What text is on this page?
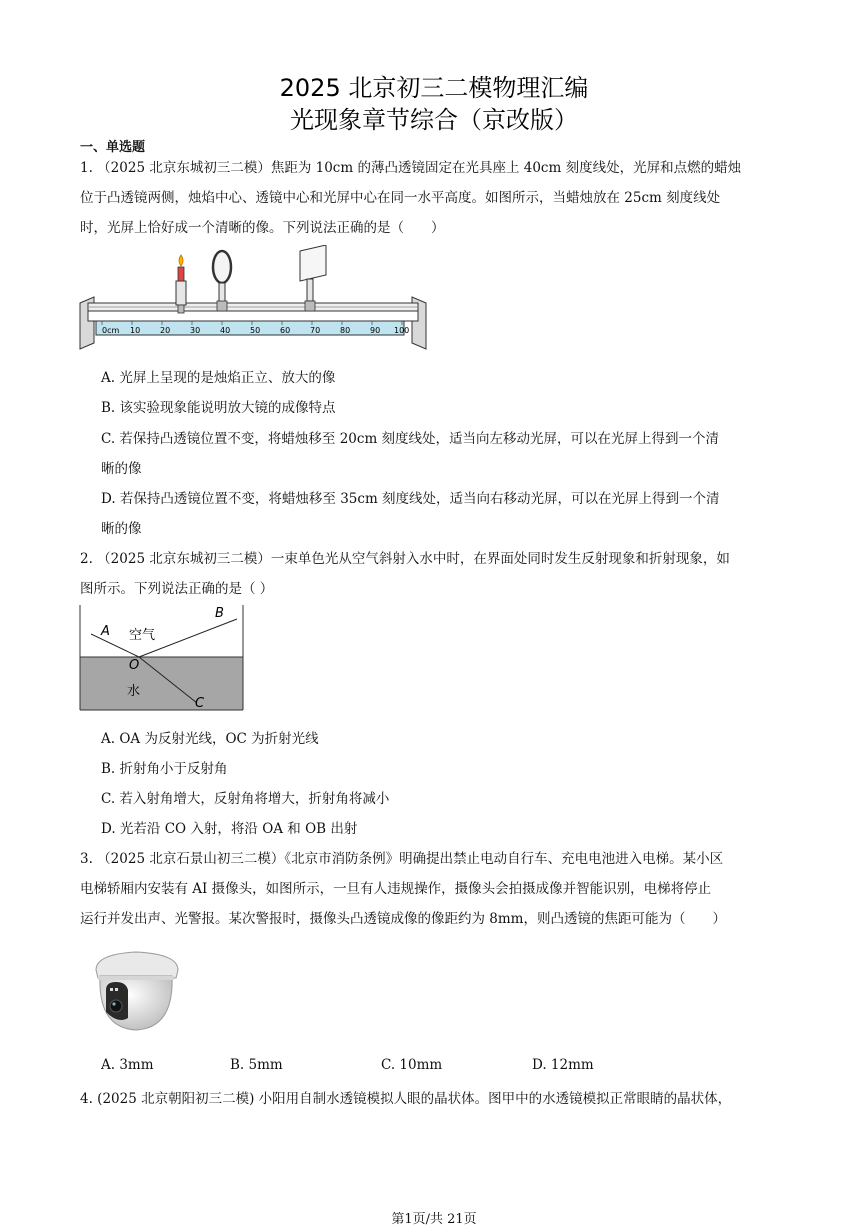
2025 北京初三二模物理汇编
光现象章节综合（京改版）
一、单选题
1. （2025 北京东城初三二模）焦距为 10cm 的薄凸透镜固定在光具座上 40cm 刻度线处，光屏和点燃的蜡烛
位于凸透镜两侧，烛焰中心、透镜中心和光屏中心在同一水平高度。如图所示，当蜡烛放在 25cm 刻度线处
时，光屏上恰好成一个清晰的像。下列说法正确的是（　　）
0cm 10 20 30 40 50 60 70 80 90 100
A. 光屏上呈现的是烛焰正立、放大的像
B. 该实验现象能说明放大镜的成像特点
C. 若保持凸透镜位置不变，将蜡烛移至 20cm 刻度线处，适当向左移动光屏，可以在光屏上得到一个清
晰的像
D. 若保持凸透镜位置不变，将蜡烛移至 35cm 刻度线处，适当向右移动光屏，可以在光屏上得到一个清
晰的像
2. （2025 北京东城初三二模）一束单色光从空气斜射入水中时，在界面处同时发生反射现象和折射现象，如
图所示。下列说法正确的是（ ）
A
B
O
C
空气
水
A. OA 为反射光线，OC 为折射光线
B. 折射角小于反射角
C. 若入射角增大，反射角将增大，折射角将减小
D. 光若沿 CO 入射，将沿 OA 和 OB 出射
3. （2025 北京石景山初三二模）《北京市消防条例》明确提出禁止电动自行车、充电电池进入电梯。某小区
电梯轿厢内安装有 AI 摄像头，如图所示，一旦有人违规操作，摄像头会拍摄成像并智能识别，电梯将停止
运行并发出声、光警报。某次警报时，摄像头凸透镜成像的像距约为 8mm，则凸透镜的焦距可能为（　　）
A. 3mm	B. 5mm	C. 10mm	D. 12mm
4. (2025 北京朝阳初三二模) 小阳用自制水透镜模拟人眼的晶状体。图甲中的水透镜模拟正常眼睛的晶状体，
第1页/共 21页
